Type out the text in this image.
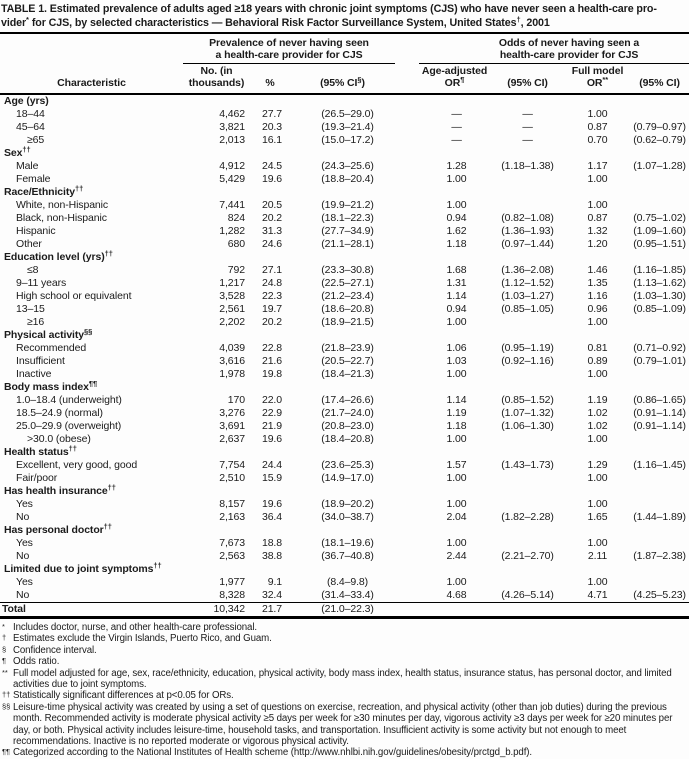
TABLE 1. Estimated prevalence of adults aged ≥18 years with chronic joint symptoms (CJS) who have never seen a health-care pro-
vider* for CJS, by selected characteristics — Behavioral Risk Factor Surveillance System, United States†, 2001
	Prevalence of never having seen
a health-care provider for CJS				Odds of never having seen a
health-care provider for CJS			

Characteristic	No. (in
thousands)	%	(95% CI§)		Age-adjusted
OR¶	(95% CI)	Full model
OR**	(95% CI)
Age (yrs)								
18–44	4,462	27.7	(26.5–29.0)		—	—	1.00	
45–64	3,821	20.3	(19.3–21.4)		—	—	0.87	(0.79–0.97)
≥65	2,013	16.1	(15.0–17.2)		—	—	0.70	(0.62–0.79)
Sex††
Male	4,912	24.5	(24.3–25.6)		1.28	(1.18–1.38)	1.17	(1.07–1.28)
Female	5,429	19.6	(18.8–20.4)		1.00		1.00	
Race/Ethnicity††
White, non-Hispanic	7,441	20.5	(19.9–21.2)		1.00		1.00	
Black, non-Hispanic	824	20.2	(18.1–22.3)		0.94	(0.82–1.08)	0.87	(0.75–1.02)
Hispanic	1,282	31.3	(27.7–34.9)		1.62	(1.36–1.93)	1.32	(1.09–1.60)
Other	680	24.6	(21.1–28.1)		1.18	(0.97–1.44)	1.20	(0.95–1.51)
Education level (yrs)††
≤8	792	27.1	(23.3–30.8)		1.68	(1.36–2.08)	1.46	(1.16–1.85)
9–11 years	1,217	24.8	(22.5–27.1)		1.31	(1.12–1.52)	1.35	(1.13–1.62)
High school or equivalent	3,528	22.3	(21.2–23.4)		1.14	(1.03–1.27)	1.16	(1.03–1.30)
13–15	2,561	19.7	(18.6–20.8)		0.94	(0.85–1.05)	0.96	(0.85–1.09)
≥16	2,202	20.2	(18.9–21.5)		1.00		1.00	
Physical activity§§
Recommended	4,039	22.8	(21.8–23.9)		1.06	(0.95–1.19)	0.81	(0.71–0.92)
Insufficient	3,616	21.6	(20.5–22.7)		1.03	(0.92–1.16)	0.89	(0.79–1.01)
Inactive	1,978	19.8	(18.4–21.3)		1.00		1.00	
Body mass index¶¶
1.0–18.4 (underweight)	170	22.0	(17.4–26.6)		1.14	(0.85–1.52)	1.19	(0.86–1.65)
18.5–24.9 (normal)	3,276	22.9	(21.7–24.0)		1.19	(1.07–1.32)	1.02	(0.91–1.14)
25.0–29.9 (overweight)	3,691	21.9	(20.8–23.0)		1.18	(1.06–1.30)	1.02	(0.91–1.14)
>30.0 (obese)	2,637	19.6	(18.4–20.8)		1.00		1.00	
Health status††
Excellent, very good, good	7,754	24.4	(23.6–25.3)		1.57	(1.43–1.73)	1.29	(1.16–1.45)
Fair/poor	2,510	15.9	(14.9–17.0)		1.00		1.00	
Has health insurance††
Yes	8,157	19.6	(18.9–20.2)		1.00		1.00	
No	2,163	36.4	(34.0–38.7)		2.04	(1.82–2.28)	1.65	(1.44–1.89)
Has personal doctor††
Yes	7,673	18.8	(18.1–19.6)		1.00		1.00	
No	2,563	38.8	(36.7–40.8)		2.44	(2.21–2.70)	2.11	(1.87–2.38)
Limited due to joint symptoms††
Yes	1,977	9.1	(8.4–9.8)		1.00		1.00	
No	8,328	32.4	(31.4–33.4)		4.68	(4.26–5.14)	4.71	(4.25–5.23)
Total	10,342	21.7	(21.0–22.3)					
* Includes doctor, nurse, and other health-care professional.
† Estimates exclude the Virgin Islands, Puerto Rico, and Guam.
§ Confidence interval.
¶ Odds ratio.
** Full model adjusted for age, sex, race/ethnicity, education, physical activity, body mass index, health status, insurance status, has personal doctor, and limited activities due to joint symptoms.
†† Statistically significant differences at p<0.05 for ORs.
§§ Leisure-time physical activity was created by using a set of questions on exercise, recreation, and physical activity (other than job duties) during the previous month. Recommended activity is moderate physical activity ≥5 days per week for ≥30 minutes per day, vigorous activity ≥3 days per week for ≥20 minutes per day, or both. Physical activity includes leisure-time, household tasks, and transportation. Insufficient activity is some activity but not enough to meet recommendations. Inactive is no reported moderate or vigorous physical activity.
¶¶ Categorized according to the National Institutes of Health scheme (http://www.nhlbi.nih.gov/guidelines/obesity/prctgd_b.pdf).
